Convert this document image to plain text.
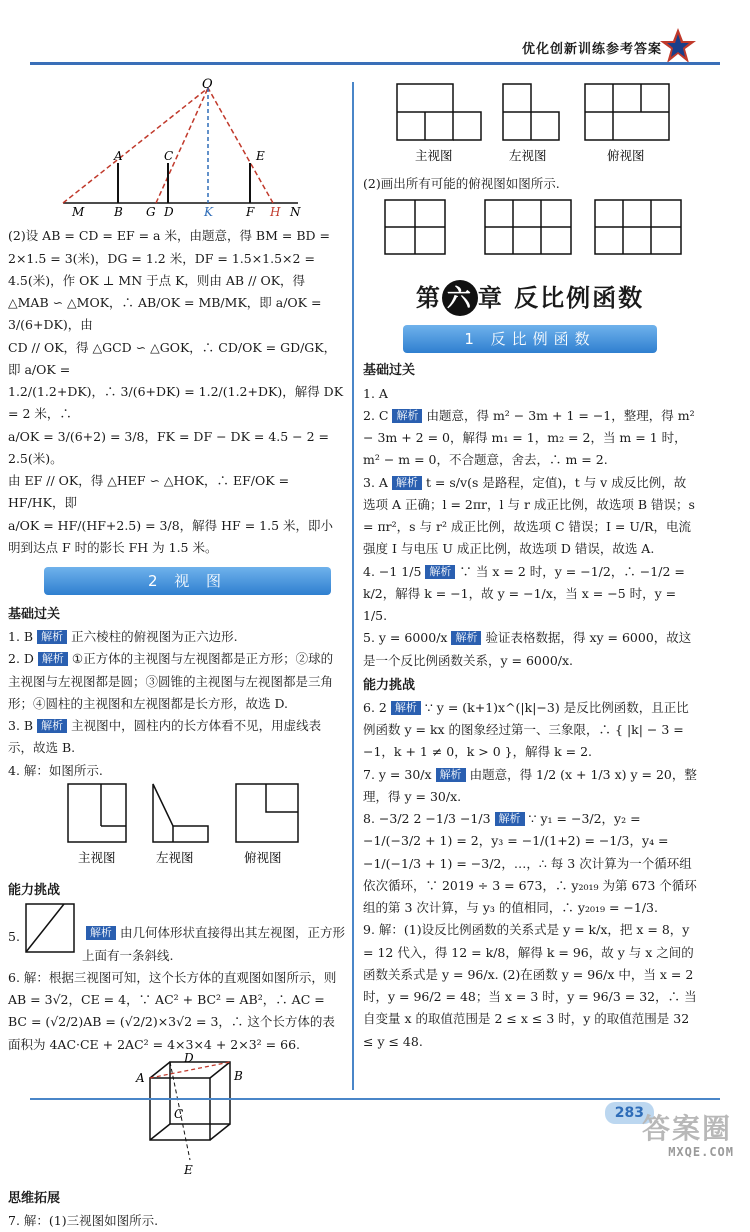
优化创新训练参考答案
O
A	C	E
M B G D	K	F H N

(2)设 AB = CD = EF = a 米，由题意，得 BM = BD = 2×1.5 = 3(米)，DG = 1.2 米，DF = 1.5×1.5×2 = 4.5(米)，作 OK ⊥ MN 于点 K，则由 AB // OK，得

△MAB ∽ △MOK，∴ AB/OK = MB/MK，即 a/OK = 3/(6+DK)，由

CD // OK，得 △GCD ∽ △GOK，∴ CD/OK = GD/GK，即 a/OK =

1.2/(1.2+DK)，∴ 3/(6+DK) = 1.2/(1.2+DK)，解得 DK = 2 米，∴

a/OK = 3/(6+2) = 3/8，FK = DF − DK = 4.5 − 2 = 2.5(米)。

由 EF // OK，得 △HEF ∽ △HOK，∴ EF/OK = HF/HK，即

a/OK = HF/(HF+2.5) = 3/8，解得 HF = 1.5 米，即小明到达点 F 时的影长 FH 为 1.5 米。

2 视 图
基础过关

1. B 解析 正六棱柱的俯视图为正六边形.

2. D 解析 ①正方体的主视图与左视图都是正方形；②球的主视图与左视图都是圆；③圆锥的主视图与左视图都是三角形；④圆柱的主视图和左视图都是长方形，故选 D.

3. B 解析 主视图中，圆柱内的长方体看不见，用虚线表示，故选 B.

4. 解：如图所示.

主视图	左视图	俯视图
能力挑战
5.	解析 由几何体形状直接得出其左视图，正方形上面有一条斜线.

6. 解：根据三视图可知，这个长方体的直观图如图所示，则 AB = 3√2，CE = 4，∵ AC² + BC² = AB²，∴ AC = BC = (√2/2)AB = (√2/2)×3√2 = 3，∴ 这个长方体的表面积为 4AC·CE + 2AC² = 4×3×4 + 2×3² = 66.

A	B
C
D
E
思维拓展

7. 解：(1)三视图如图所示.

主视图	左视图	俯视图

(2)画出所有可能的俯视图如图所示.

第 六 章 反比例函数
1 反比例函数
基础过关

1. A

2. C 解析 由题意，得 m² − 3m + 1 = −1，整理，得 m² − 3m + 2 = 0，解得 m₁ = 1，m₂ = 2，当 m = 1 时，m² − m = 0，不合题意，舍去，∴ m = 2.

3. A 解析 t = s/v(s 是路程，定值)，t 与 v 成反比例，故选项 A 正确；l = 2πr，l 与 r 成正比例，故选项 B 错误；s = πr²，s 与 r² 成正比例，故选项 C 错误；I = U/R，电流强度 I 与电压 U 成正比例，故选项 D 错误，故选 A.

4. −1 1/5 解析 ∵ 当 x = 2 时，y = −1/2，∴ −1/2 = k/2，解得 k = −1，故 y = −1/x，当 x = −5 时，y = 1/5.

5. y = 6000/x 解析 验证表格数据，得 xy = 6000，故这是一个反比例函数关系，y = 6000/x.

能力挑战

6. 2 解析 ∵ y = (k+1)x^(|k|−3) 是反比例函数，且正比例函数 y = kx 的图象经过第一、三象限，∴ { |k| − 3 = −1，k + 1 ≠ 0，k > 0 }，解得 k = 2.

7. y = 30/x 解析 由题意，得 1/2 (x + 1/3 x) y = 20，整理，得 y = 30/x.

8. −3/2 2 −1/3 −1/3 解析 ∵ y₁ = −3/2，y₂ = −1/(−3/2 + 1) = 2，y₃ = −1/(1+2) = −1/3，y₄ = −1/(−1/3 + 1) = −3/2，…，∴ 每 3 次计算为一个循环组依次循环，∵ 2019 ÷ 3 = 673，∴ y₂₀₁₉ 为第 673 个循环组的第 3 次计算，与 y₃ 的值相同，∴ y₂₀₁₉ = −1/3.

9. 解：(1)设反比例函数的关系式是 y = k/x，把 x = 8，y = 12 代入，得 12 = k/8，解得 k = 96，故 y 与 x 之间的函数关系式是 y = 96/x. (2)在函数 y = 96/x 中，当 x = 2 时，y = 96/2 = 48；当 x = 3 时，y = 96/3 = 32，∴ 当自变量 x 的取值范围是 2 ≤ x ≤ 3 时，y 的取值范围是 32 ≤ y ≤ 48.

283
答案圈
MXQE.COM
